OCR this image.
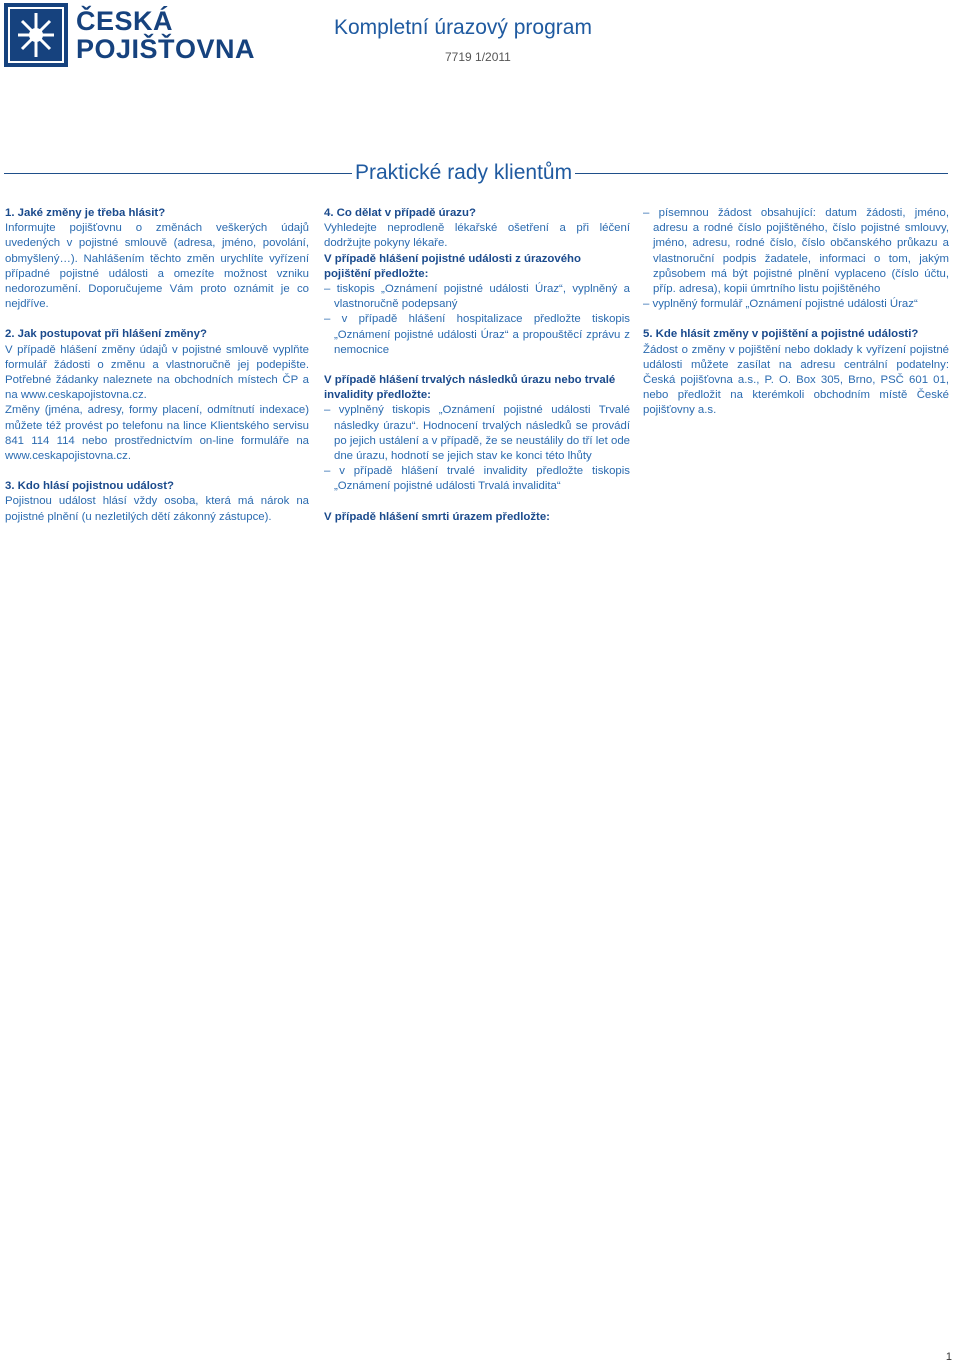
ČESKÁ
POJIŠŤOVNA
Kompletní úrazový program
7719 1/2011
Praktické rady klientům
1. Jaké změny je třeba hlásit?

Informujte pojišťovnu o změnách veškerých údajů uvedených v pojistné smlouvě (adresa, jméno, povolání, obmyšlený…). Nahlášením těchto změn urychlíte vyřízení případné pojistné události a omezíte možnost vzniku nedorozumění. Doporučujeme Vám proto oznámit je co nejdříve.

2. Jak postupovat při hlášení změny?

V případě hlášení změny údajů v pojistné smlouvě vyplňte formulář žádosti o změnu a vlastnoručně jej podepište. Potřebné žádanky naleznete na obchodních místech ČP a na www.ceskapojistovna.cz.

Změny (jména, adresy, formy placení, odmítnutí indexace) můžete též provést po telefonu na lince Klientského servisu 841 114 114 nebo prostřednictvím on-line formuláře na www.ceskapojistovna.cz.

3. Kdo hlásí pojistnou událost?

Pojistnou událost hlásí vždy osoba, která má nárok na pojistné plnění (u nezletilých dětí zákonný zástupce).

4. Co dělat v případě úrazu?

Vyhledejte neprodleně lékařské ošetření a při léčení dodržujte pokyny lékaře.

V případě hlášení pojistné události z úrazového pojištění předložte:

– tiskopis „Oznámení pojistné události Úraz“, vyplněný a vlastnoručně podepsaný

– v případě hlášení hospitalizace předložte tiskopis „Oznámení pojistné události Úraz“ a propouštěcí zprávu z nemocnice

V případě hlášení trvalých následků úrazu nebo trvalé invalidity předložte:

– vyplněný tiskopis „Oznámení pojistné události Trvalé následky úrazu“. Hodnocení trvalých následků se provádí po jejich ustálení a v případě, že se neustálily do tří let ode dne úrazu, hodnotí se jejich stav ke konci této lhůty

– v případě hlášení trvalé invalidity předložte tiskopis „Oznámení pojistné události Trvalá invalidita“

V případě hlášení smrti úrazem předložte:

– písemnou žádost obsahující: datum žádosti, jméno, adresu a rodné číslo pojištěného, číslo pojistné smlouvy, jméno, adresu, rodné číslo, číslo občanského průkazu a vlastnoruční podpis žadatele, informaci o tom, jakým způsobem má být pojistné plnění vyplaceno (číslo účtu, příp. adresa), kopii úmrtního listu pojištěného

– vyplněný formulář „Oznámení pojistné události Úraz“

5. Kde hlásit změny v pojištění a pojistné události?

Žádost o změny v pojištění nebo doklady k vyřízení pojistné události můžete zasílat na adresu centrální podatelny: Česká pojišťovna a.s., P. O. Box 305, Brno, PSČ 601 01, nebo předložit na kterémkoli obchodním místě České pojišťovny a.s.

1
